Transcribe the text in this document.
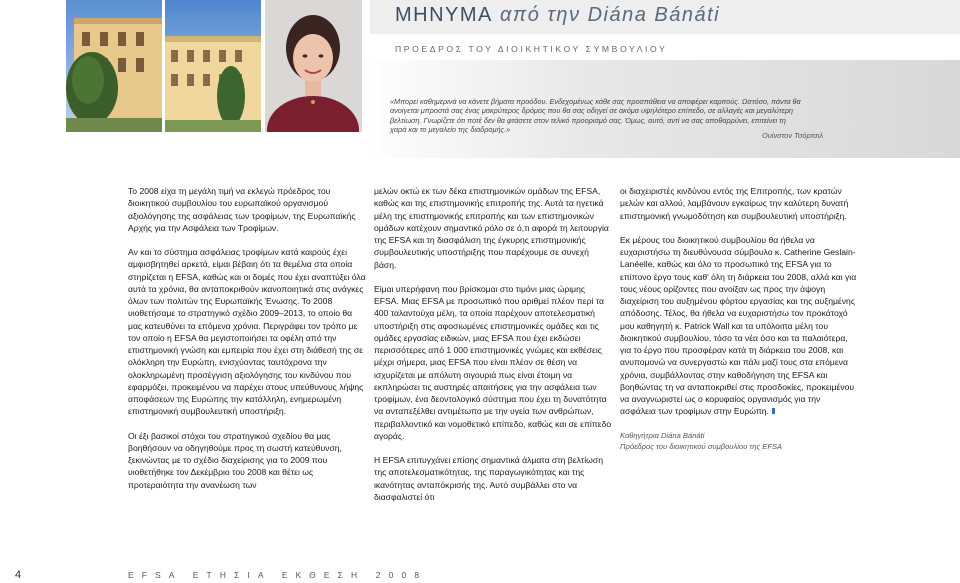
ΜΗΝΥΜΑ από την Diána Bánáti
ΠΡΟΕΔΡΟΣ ΤΟΥ ΔΙΟΙΚΗΤΙΚΟΥ ΣΥΜΒΟΥΛΙΟΥ

«Μπορεί καθημερινά να κάνετε βήματα προόδου. Ενδεχομένως κάθε σας προσπάθεια να αποφέρει καρπούς. Ωστόσο, πάντα θα ανοίγεται μπροστά σας ένας μακρύτερος δρόμος που θα σας οδηγεί σε ακόμα υψηλότερο επίπεδο, σε αλλαγές και μεγαλύτερη βελτίωση. Γνωρίζετε ότι ποτέ δεν θα φτάσετε στον τελικό προορισμό σας. Όμως, αυτό, αντί να σας αποθαρρύνει, επιτείνει τη χαρά και το μεγαλείο της διαδρομής.»

Ουίνστον Τσόρτσιλ

Το 2008 είχα τη μεγάλη τιμή να εκλεγώ πρόεδρος του διοικητικού συμβουλίου του ευρωπαϊκού οργανισμού αξιολόγησης της ασφάλειας των τροφίμων, της Ευρωπαϊκής Αρχής για την Ασφάλεια των Τροφίμων.

Αν και το σύστημα ασφάλειας τροφίμων κατά καιρούς έχει αμφισβητηθεί αρκετά, είμαι βέβαιη ότι τα θεμέλια στα οποία στηρίζεται η EFSA, καθώς και οι δομές που έχει αναπτύξει όλα αυτά τα χρόνια, θα ανταποκριθούν ικανοποιητικά στις ανάγκες όλων των πολιτών της Ευρωπαϊκής Ένωσης. Το 2008 υιοθετήσαμε το στρατηγικό σχέδιο 2009–2013, το οποίο θα μας κατευθύνει τα επόμενα χρόνια. Περιγράφει τον τρόπο με τον οποίο η EFSA θα μεγιστοποιήσει τα οφέλη από την επιστημονική γνώση και εμπειρία που έχει στη διάθεσή της σε ολόκληρη την Ευρώπη, ενισχύοντας ταυτόχρονα την ολοκληρωμένη προσέγγιση αξιολόγησης του κινδύνου που εφαρμόζει, προκειμένου να παρέχει στους υπεύθυνους λήψης αποφάσεων της Ευρώπης την κατάλληλη, ενημερωμένη επιστημονική συμβουλευτική υποστήριξη.

Οι έξι βασικοί στόχοι του στρατηγικού σχεδίου θα μας βοηθήσουν να οδηγηθούμε προς τη σωστή κατεύθυνση, ξεκινώντας με το σχέδιο διαχείρισης για το 2009 που υιοθετήθηκε τον Δεκέμβριο του 2008 και θέτει ως προτεραιότητα την ανανέωση των

μελών οκτώ εκ των δέκα επιστημονικών ομάδων της EFSA, καθώς και της επιστημονικής επιτροπής της. Αυτά τα ηγετικά μέλη της επιστημονικής επιτροπής και των επιστημονικών ομάδων κατέχουν σημαντικό ρόλο σε ό,τι αφορά τη λειτουργία της EFSA και τη διασφάλιση της έγκυρης επιστημονικής συμβουλευτικής υποστήριξης που παρέχουμε σε συνεχή βάση.

Είμαι υπερήφανη που βρίσκομαι στο τιμόνι μιας ώριμης EFSA. Μιας EFSA με προσωπικό που αριθμεί πλέον περί τα 400 ταλαντούχα μέλη, τα οποία παρέχουν αποτελεσματική υποστήριξη στις αφοσιωμένες επιστημονικές ομάδες και τις ομάδες εργασίας ειδικών, μιας EFSA που έχει εκδώσει περισσότερες από 1 000 επιστημονικές γνώμες και εκθέσεις μέχρι σήμερα, μιας EFSA που είναι πλέον σε θέση να ισχυρίζεται με απόλυτη σιγουριά πως είναι έτοιμη να εκπληρώσει τις αυστηρές απαιτήσεις για την ασφάλεια των τροφίμων, ένα δεοντολογικό σύστημα που έχει τη δυνατότητα να ανταπεξέλθει αντιμέτωπο με την υγεία των ανθρώπων, περιβαλλοντικό και νομοθετικό επίπεδο, καθώς και σε επίπεδο αγοράς.

Η EFSA επιτυγχάνει επίσης σημαντικά άλματα στη βελτίωση της αποτελεσματικότητας, της παραγωγικότητας και της ικανότητας ανταπόκρισής της. Αυτό συμβάλλει στο να διασφαλιστεί ότι

οι διαχειριστές κινδύνου εντός της Επιτροπής, των κρατών μελών και αλλού, λαμβάνουν εγκαίρως την καλύτερη δυνατή επιστημονική γνωμοδότηση και συμβουλευτική υποστήριξη.

Εκ μέρους του διοικητικού συμβουλίου θα ήθελα να ευχαριστήσω τη διευθύνουσα σύμβουλο κ. Catherine Geslain-Lanéelle, καθώς και όλο το προσωπικό της EFSA για το επίπονο έργο τους καθ' όλη τη διάρκεια του 2008, αλλά και για τους νέους ορίζοντες που ανοίξαν ως προς την άψογη διαχείριση του αυξημένου φόρτου εργασίας και της αυξημένης απόδοσης. Τέλος, θα ήθελα να ευχαριστήσω τον προκάτοχό μου καθηγητή κ. Patrick Wall και τα υπόλοιπα μέλη του διοικητικού συμβουλίου, τόσο τα νέα όσο και τα παλαιότερα, για το έργο που προσφέραν κατά τη διάρκεια του 2008, και ανυπομονώ να συνεργαστώ και πάλι μαζί τους στα επόμενα χρόνια, συμβάλλοντας στην καθοδήγηση της EFSA και βοηθώντας τη να ανταποκριθεί στις προσδοκίες, προκειμένου να αναγνωριστεί ως ο κορυφαίος οργανισμός για την ασφάλεια των τροφίμων στην Ευρώπη.

Καθηγήτρια Diána Bánáti
Πρόεδρος του διοικητικού συμβουλίου της EFSA

4	EFSA ΕΤΗΣΙΑ ΕΚΘΕΣΗ 2008
